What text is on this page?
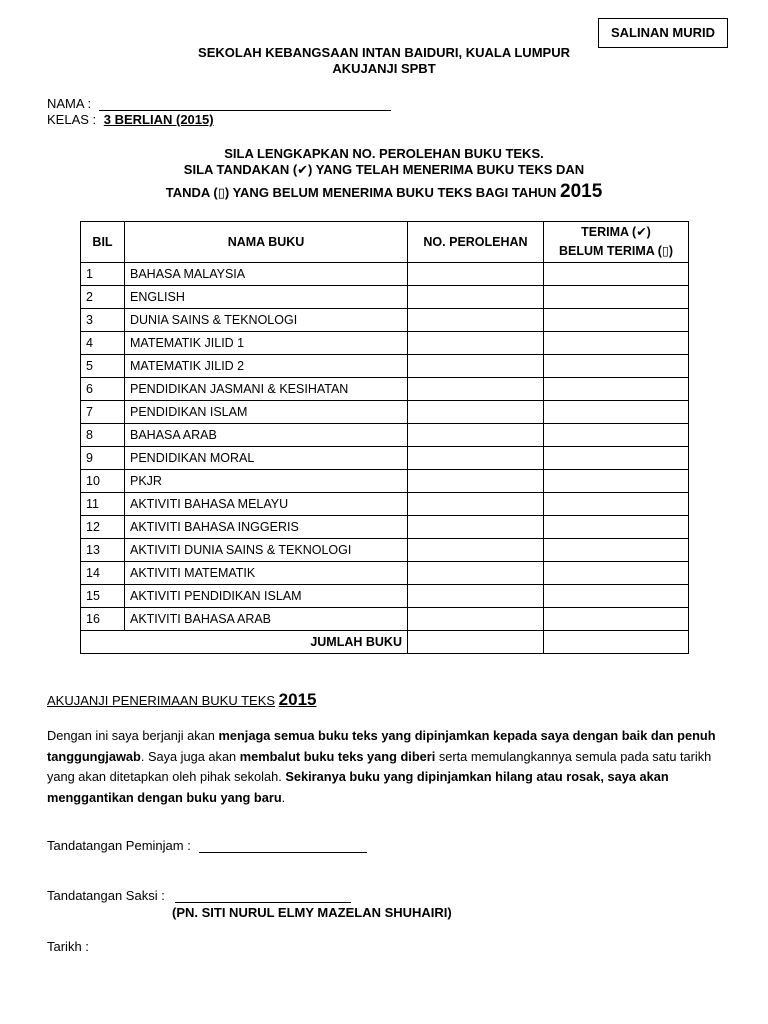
SALINAN MURID
SEKOLAH KEBANGSAAN INTAN BAIDURI, KUALA LUMPUR
AKUJANJI SPBT
NAMA :
KELAS : 3 BERLIAN (2015)
SILA LENGKAPKAN NO. PEROLEHAN BUKU TEKS.
SILA TANDAKAN (✔) YANG TELAH MENERIMA BUKU TEKS DAN
TANDA (▯) YANG BELUM MENERIMA BUKU TEKS BAGI TAHUN 2015
BIL	NAMA BUKU	NO. PEROLEHAN	TERIMA (✔)
BELUM TERIMA (▯)

1	BAHASA MALAYSIA		
2	ENGLISH		
3	DUNIA SAINS & TEKNOLOGI		
4	MATEMATIK JILID 1		
5	MATEMATIK JILID 2		
6	PENDIDIKAN JASMANI & KESIHATAN		
7	PENDIDIKAN ISLAM		
8	BAHASA ARAB		
9	PENDIDIKAN MORAL		
10	PKJR		
11	AKTIVITI BAHASA MELAYU		
12	AKTIVITI BAHASA INGGERIS		
13	AKTIVITI DUNIA SAINS & TEKNOLOGI		
14	AKTIVITI MATEMATIK		
15	AKTIVITI PENDIDIKAN ISLAM		
16	AKTIVITI BAHASA ARAB		
JUMLAH BUKU			
AKUJANJI PENERIMAAN BUKU TEKS 2015
Dengan ini saya berjanji akan menjaga semua buku teks yang dipinjamkan kepada saya dengan baik dan penuh tanggungjawab. Saya juga akan membalut buku teks yang diberi serta memulangkannya semula pada satu tarikh yang akan ditetapkan oleh pihak sekolah. Sekiranya buku yang dipinjamkan hilang atau rosak, saya akan menggantikan dengan buku yang baru.
Tandatangan Peminjam :
Tandatangan Saksi :
(PN. SITI NURUL ELMY MAZELAN SHUHAIRI)
Tarikh :
